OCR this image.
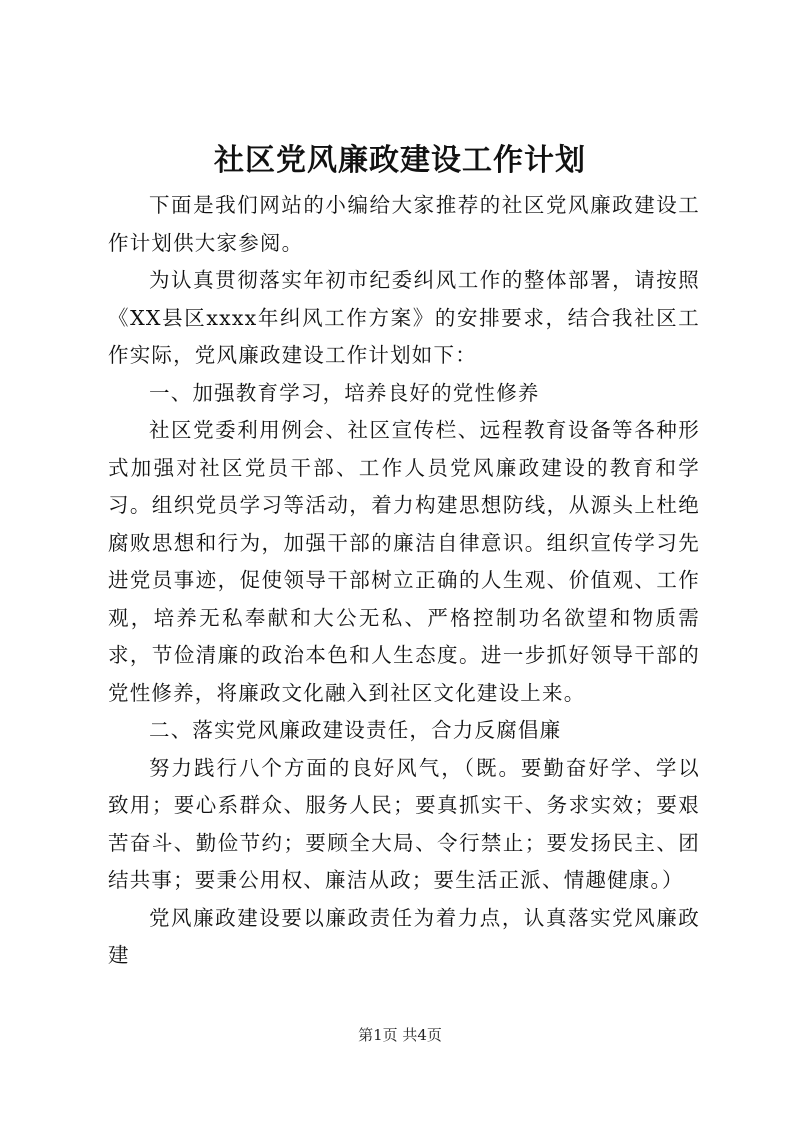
社区党风廉政建设工作计划

下面是我们网站的小编给大家推荐的社区党风廉政建设工作计划供大家参阅。

为认真贯彻落实年初市纪委纠风工作的整体部署，请按照《XX县区xxxx年纠风工作方案》的安排要求，结合我社区工作实际，党风廉政建设工作计划如下：

一、加强教育学习，培养良好的党性修养

社区党委利用例会、社区宣传栏、远程教育设备等各种形式加强对社区党员干部、工作人员党风廉政建设的教育和学习。组织党员学习等活动，着力构建思想防线，从源头上杜绝腐败思想和行为，加强干部的廉洁自律意识。组织宣传学习先进党员事迹，促使领导干部树立正确的人生观、价值观、工作观，培养无私奉献和大公无私、严格控制功名欲望和物质需求，节俭清廉的政治本色和人生态度。进一步抓好领导干部的党性修养，将廉政文化融入到社区文化建设上来。

二、落实党风廉政建设责任，合力反腐倡廉

努力践行八个方面的良好风气，（既。要勤奋好学、学以致用；要心系群众、服务人民；要真抓实干、务求实效；要艰苦奋斗、勤俭节约；要顾全大局、令行禁止；要发扬民主、团结共事；要秉公用权、廉洁从政；要生活正派、情趣健康。）

党风廉政建设要以廉政责任为着力点，认真落实党风廉政建

第1页 共4页
